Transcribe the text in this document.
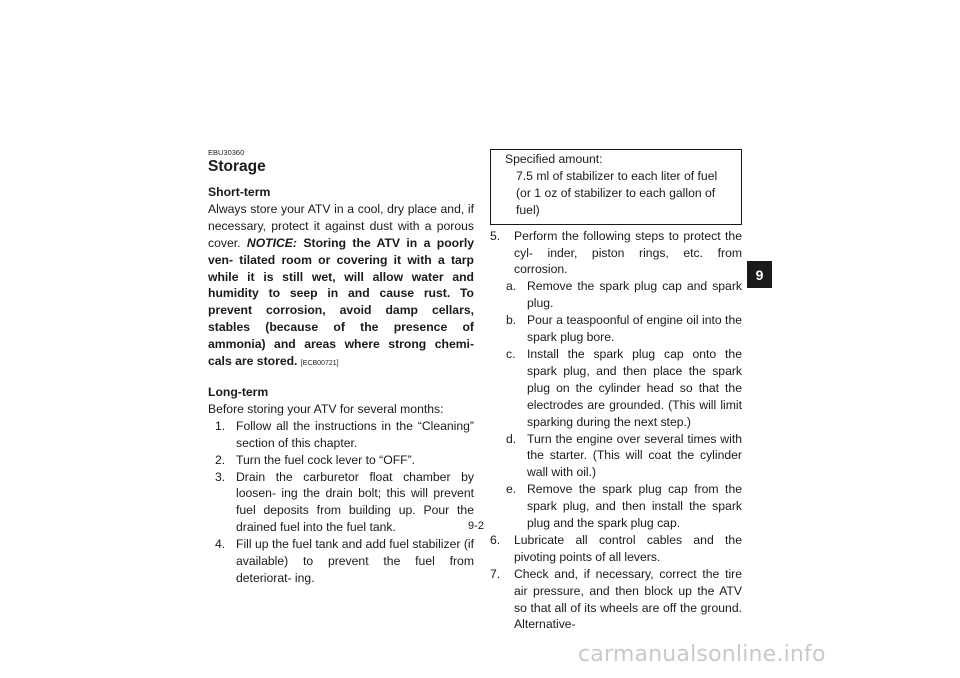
EBU30360

Storage
Short-term

Always store your ATV in a cool, dry place and, if necessary, protect it against dust with a porous cover. NOTICE: Storing the ATV in a poorly ven- tilated room or covering it with a tarp while it is still wet, will allow water and humidity to seep in and cause rust. To prevent corrosion, avoid damp cellars, stables (because of the presence of ammonia) and areas where strong chemi- cals are stored. [ECB00721]

Long-term

Before storing your ATV for several months:

1. Follow all the instructions in the “Cleaning” section of this chapter.
2. Turn the fuel cock lever to “OFF”.
3. Drain the carburetor float chamber by loosen- ing the drain bolt; this will prevent fuel deposits from building up. Pour the drained fuel into the fuel tank.
4. Fill up the fuel tank and add fuel stabilizer (if available) to prevent the fuel from deteriorat- ing.
Specified amount:
7.5 ml of stabilizer to each liter of fuel (or 1 oz of stabilizer to each gallon of fuel)
5. Perform the following steps to protect the cyl- inder, piston rings, etc. from corrosion.
a. Remove the spark plug cap and spark plug.
b. Pour a teaspoonful of engine oil into the spark plug bore.
c. Install the spark plug cap onto the spark plug, and then place the spark plug on the cylinder head so that the electrodes are grounded. (This will limit sparking during the next step.)
d. Turn the engine over several times with the starter. (This will coat the cylinder wall with oil.)
e. Remove the spark plug cap from the spark plug, and then install the spark plug and the spark plug cap.
6. Lubricate all control cables and the pivoting points of all levers.
7. Check and, if necessary, correct the tire air pressure, and then block up the ATV so that all of its wheels are off the ground. Alternative-
9
9-2
carmanualsonline.info
